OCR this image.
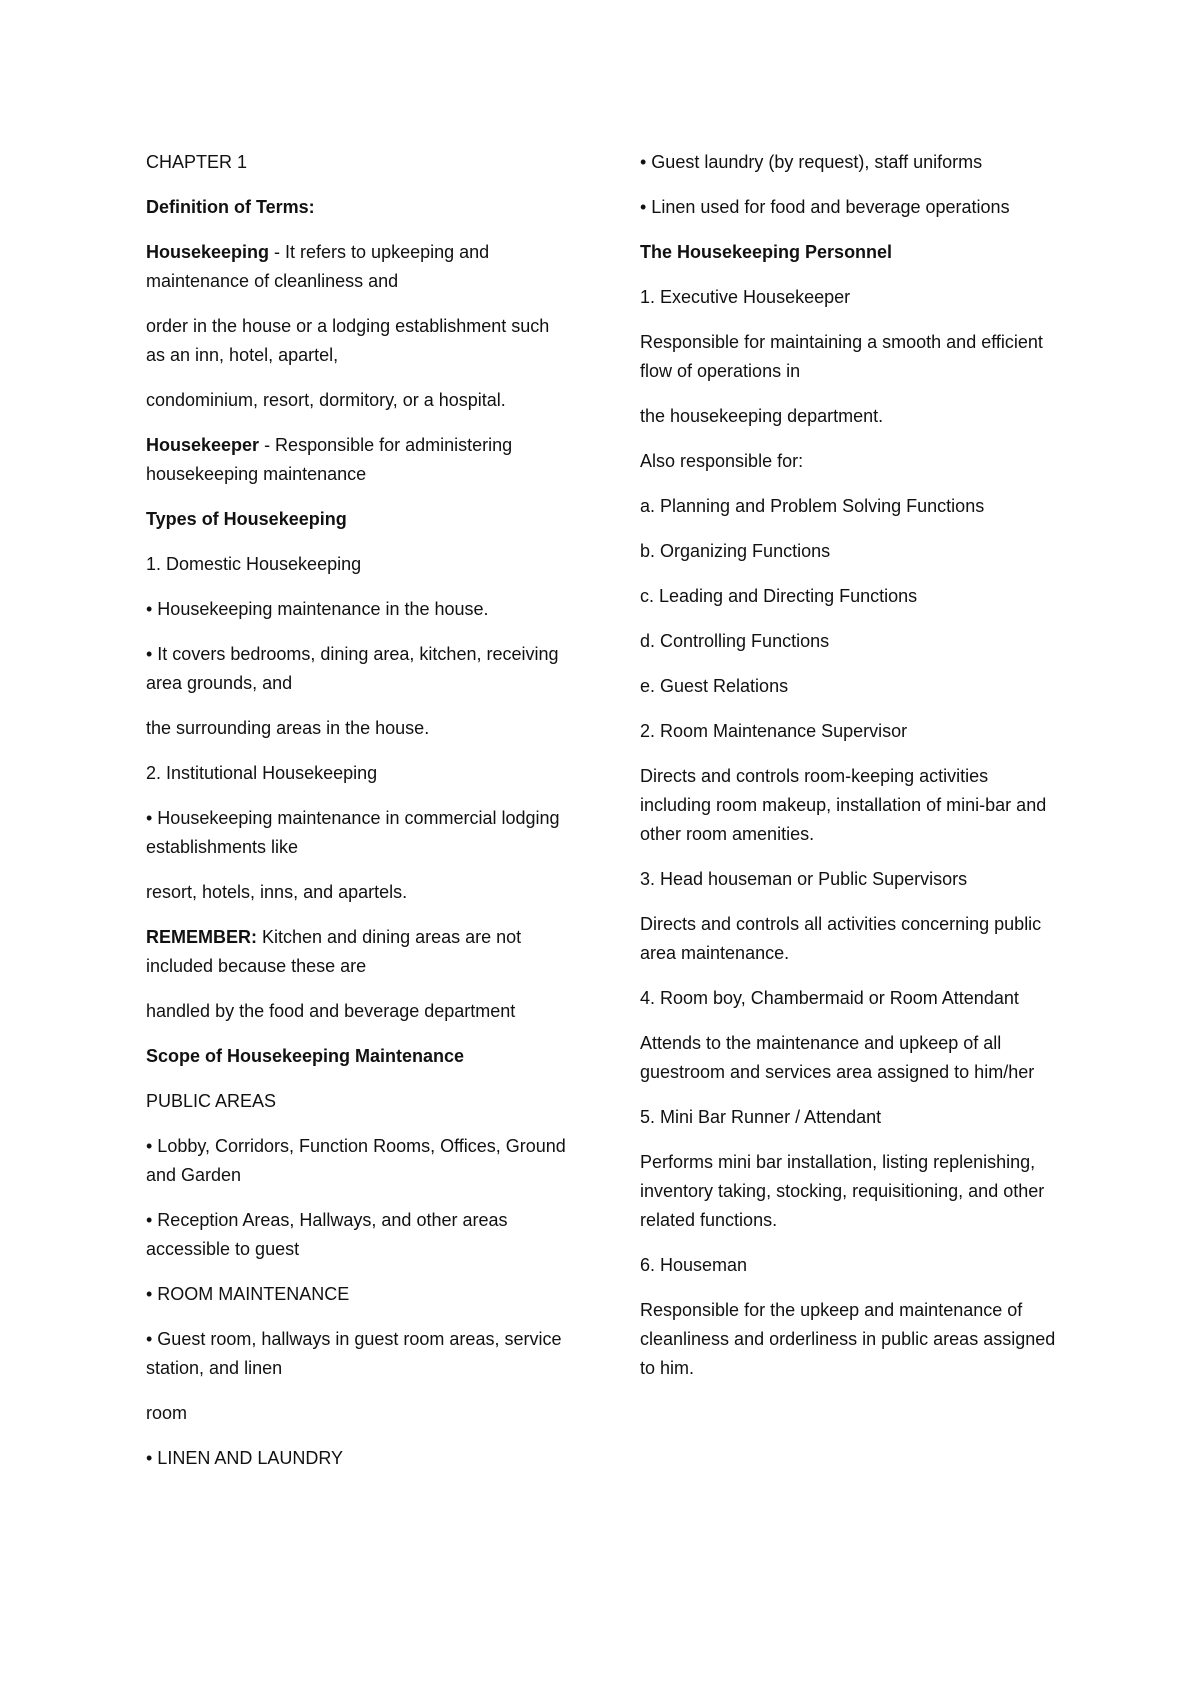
CHAPTER 1

Definition of Terms:

Housekeeping - It refers to upkeeping and maintenance of cleanliness and

order in the house or a lodging establishment such as an inn, hotel, apartel,

condominium, resort, dormitory, or a hospital.

Housekeeper - Responsible for administering housekeeping maintenance

Types of Housekeeping

1. Domestic Housekeeping

• Housekeeping maintenance in the house.

• It covers bedrooms, dining area, kitchen, receiving area grounds, and

the surrounding areas in the house.

2. Institutional Housekeeping

• Housekeeping maintenance in commercial lodging establishments like

resort, hotels, inns, and apartels.

REMEMBER: Kitchen and dining areas are not included because these are

handled by the food and beverage department

Scope of Housekeeping Maintenance

PUBLIC AREAS

• Lobby, Corridors, Function Rooms, Offices, Ground and Garden

• Reception Areas, Hallways, and other areas accessible to guest

• ROOM MAINTENANCE

• Guest room, hallways in guest room areas, service station, and linen

room

• LINEN AND LAUNDRY

• Guest laundry (by request), staff uniforms

• Linen used for food and beverage operations

The Housekeeping Personnel

1. Executive Housekeeper

Responsible for maintaining a smooth and efficient flow of operations in

the housekeeping department.

Also responsible for:

a. Planning and Problem Solving Functions

b. Organizing Functions

c. Leading and Directing Functions

d. Controlling Functions

e. Guest Relations

2. Room Maintenance Supervisor

Directs and controls room-keeping activities including room makeup, installation of mini-bar and other room amenities.

3. Head houseman or Public Supervisors

Directs and controls all activities concerning public area maintenance.

4. Room boy, Chambermaid or Room Attendant

Attends to the maintenance and upkeep of all guestroom and services area assigned to him/her

5. Mini Bar Runner / Attendant

Performs mini bar installation, listing replenishing, inventory taking, stocking, requisitioning, and other related functions.

6. Houseman

Responsible for the upkeep and maintenance of cleanliness and orderliness in public areas assigned to him.
